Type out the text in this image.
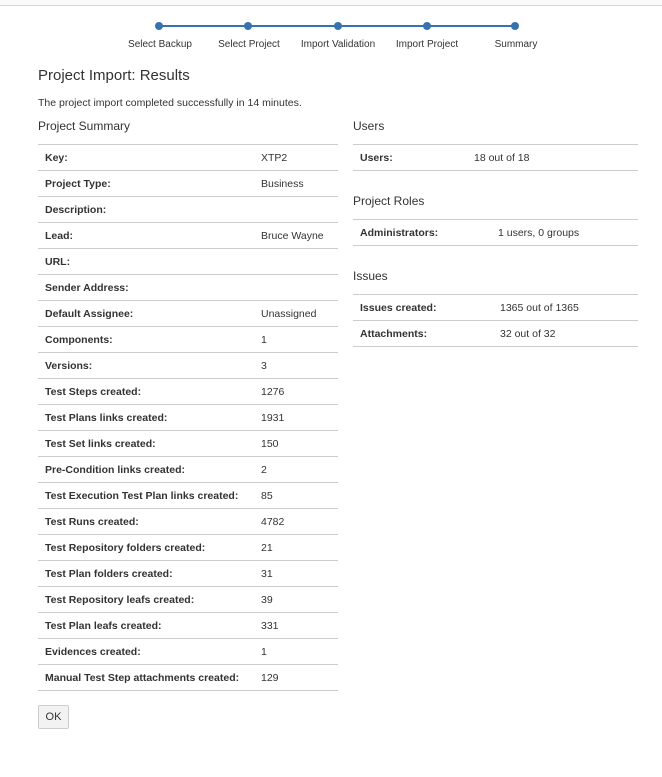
Select Backup	Select Project	Import Validation	Import Project	Summary
Project Import: Results
The project import completed successfully in 14 minutes.
Project Summary
Key:	XTP2
Project Type:	Business
Description:	
Lead:	Bruce Wayne
URL:	
Sender Address:	
Default Assignee:	Unassigned
Components:	1
Versions:	3
Test Steps created:	1276
Test Plans links created:	1931
Test Set links created:	150
Pre-Condition links created:	2
Test Execution Test Plan links created:	85
Test Runs created:	4782
Test Repository folders created:	21
Test Plan folders created:	31
Test Repository leafs created:	39
Test Plan leafs created:	331
Evidences created:	1
Manual Test Step attachments created:	129
Users
Users:	18 out of 18
Project Roles
Administrators:	1 users, 0 groups
Issues
Issues created:	1365 out of 1365
Attachments:	32 out of 32
OK
